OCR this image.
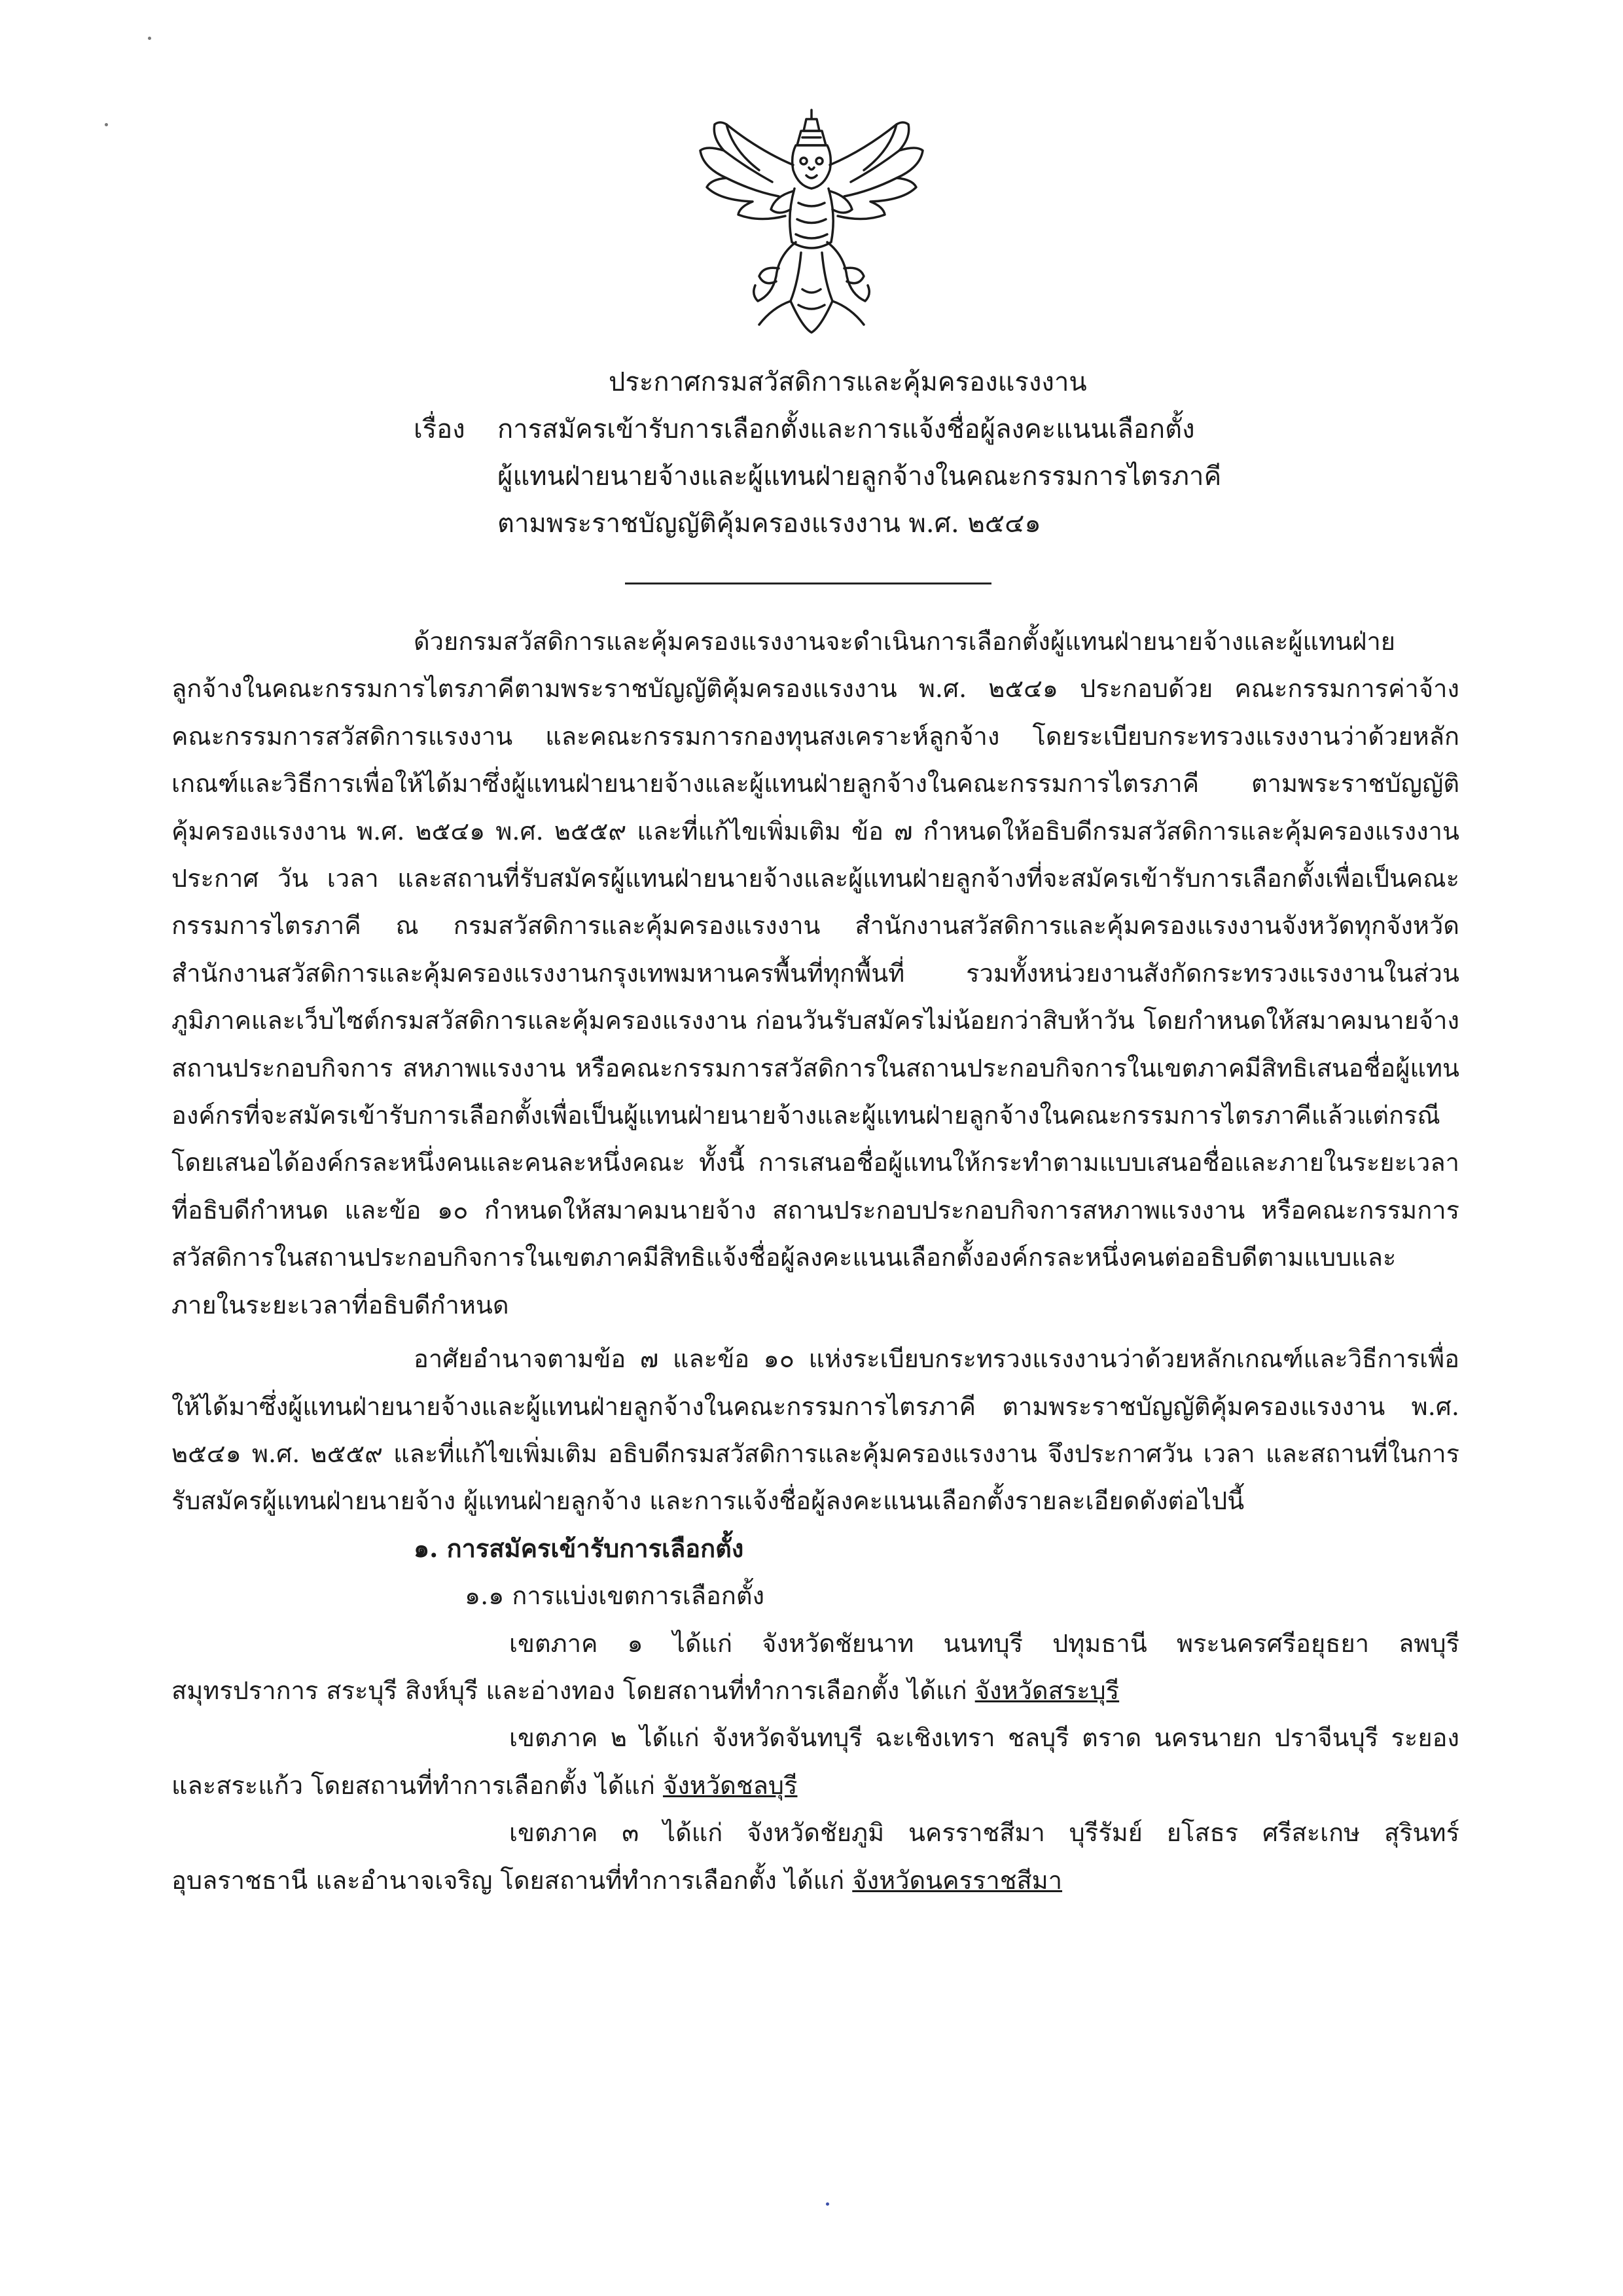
ประกาศกรมสวัสดิการและคุ้มครองแรงงาน
เรื่อง การสมัครเข้ารับการเลือกตั้งและการแจ้งชื่อผู้ลงคะแนนเลือกตั้ง
ผู้แทนฝ่ายนายจ้างและผู้แทนฝ่ายลูกจ้างในคณะกรรมการไตรภาคี
ตามพระราชบัญญัติคุ้มครองแรงงาน พ.ศ. ๒๕๔๑

ด้วยกรมสวัสดิการและคุ้มครองแรงงานจะดำเนินการเลือกตั้งผู้แทนฝ่ายนายจ้างและผู้แทนฝ่ายลูกจ้างในคณะกรรมการไตรภาคีตามพระราชบัญญัติคุ้มครองแรงงาน พ.ศ. ๒๕๔๑ ประกอบด้วย คณะกรรมการค่าจ้าง คณะกรรมการสวัสดิการแรงงาน และคณะกรรมการกองทุนสงเคราะห์ลูกจ้าง โดยระเบียบกระทรวงแรงงานว่าด้วยหลักเกณฑ์และวิธีการเพื่อให้ได้มาซึ่งผู้แทนฝ่ายนายจ้างและผู้แทนฝ่ายลูกจ้างในคณะกรรมการไตรภาคี ตามพระราชบัญญัติคุ้มครองแรงงาน พ.ศ. ๒๕๔๑ พ.ศ. ๒๕๕๙ และที่แก้ไขเพิ่มเติม ข้อ ๗ กำหนดให้อธิบดีกรมสวัสดิการและคุ้มครองแรงงาน ประกาศ วัน เวลา และสถานที่รับสมัครผู้แทนฝ่ายนายจ้างและผู้แทนฝ่ายลูกจ้างที่จะสมัครเข้ารับการเลือกตั้งเพื่อเป็นคณะกรรมการไตรภาคี ณ กรมสวัสดิการและคุ้มครองแรงงาน สำนักงานสวัสดิการและคุ้มครองแรงงานจังหวัดทุกจังหวัด สำนักงานสวัสดิการและคุ้มครองแรงงานกรุงเทพมหานครพื้นที่ทุกพื้นที่ รวมทั้งหน่วยงานสังกัดกระทรวงแรงงานในส่วนภูมิภาคและเว็บไซต์กรมสวัสดิการและคุ้มครองแรงงาน ก่อนวันรับสมัครไม่น้อยกว่าสิบห้าวัน โดยกำหนดให้สมาคมนายจ้างสถานประกอบกิจการ สหภาพแรงงาน หรือคณะกรรมการสวัสดิการในสถานประกอบกิจการในเขตภาคมีสิทธิเสนอชื่อผู้แทนองค์กรที่จะสมัครเข้ารับการเลือกตั้งเพื่อเป็นผู้แทนฝ่ายนายจ้างและผู้แทนฝ่ายลูกจ้างในคณะกรรมการไตรภาคีแล้วแต่กรณี โดยเสนอได้องค์กรละหนึ่งคนและคนละหนึ่งคณะ ทั้งนี้ การเสนอชื่อผู้แทนให้กระทำตามแบบเสนอชื่อและภายในระยะเวลาที่อธิบดีกำหนด และข้อ ๑๐ กำหนดให้สมาคมนายจ้าง สถานประกอบประกอบกิจการสหภาพแรงงาน หรือคณะกรรมการสวัสดิการในสถานประกอบกิจการในเขตภาคมีสิทธิแจ้งชื่อผู้ลงคะแนนเลือกตั้งองค์กรละหนึ่งคนต่ออธิบดีตามแบบและภายในระยะเวลาที่อธิบดีกำหนด

อาศัยอำนาจตามข้อ ๗ และข้อ ๑๐ แห่งระเบียบกระทรวงแรงงานว่าด้วยหลักเกณฑ์และวิธีการเพื่อให้ได้มาซึ่งผู้แทนฝ่ายนายจ้างและผู้แทนฝ่ายลูกจ้างในคณะกรรมการไตรภาคี ตามพระราชบัญญัติคุ้มครองแรงงาน พ.ศ. ๒๕๔๑ พ.ศ. ๒๕๕๙ และที่แก้ไขเพิ่มเติม อธิบดีกรมสวัสดิการและคุ้มครองแรงงาน จึงประกาศวัน เวลา และสถานที่ในการรับสมัครผู้แทนฝ่ายนายจ้าง ผู้แทนฝ่ายลูกจ้าง และการแจ้งชื่อผู้ลงคะแนนเลือกตั้งรายละเอียดดังต่อไปนี้

๑. การสมัครเข้ารับการเลือกตั้ง

๑.๑ การแบ่งเขตการเลือกตั้ง

เขตภาค ๑ ได้แก่ จังหวัดชัยนาท นนทบุรี ปทุมธานี พระนครศรีอยุธยา ลพบุรี สมุทรปราการ สระบุรี สิงห์บุรี และอ่างทอง โดยสถานที่ทำการเลือกตั้ง ได้แก่ จังหวัดสระบุรี

เขตภาค ๒ ได้แก่ จังหวัดจันทบุรี ฉะเชิงเทรา ชลบุรี ตราด นครนายก ปราจีนบุรี ระยอง และสระแก้ว โดยสถานที่ทำการเลือกตั้ง ได้แก่ จังหวัดชลบุรี

เขตภาค ๓ ได้แก่ จังหวัดชัยภูมิ นครราชสีมา บุรีรัมย์ ยโสธร ศรีสะเกษ สุรินทร์ อุบลราชธานี และอำนาจเจริญ โดยสถานที่ทำการเลือกตั้ง ได้แก่ จังหวัดนครราชสีมา
